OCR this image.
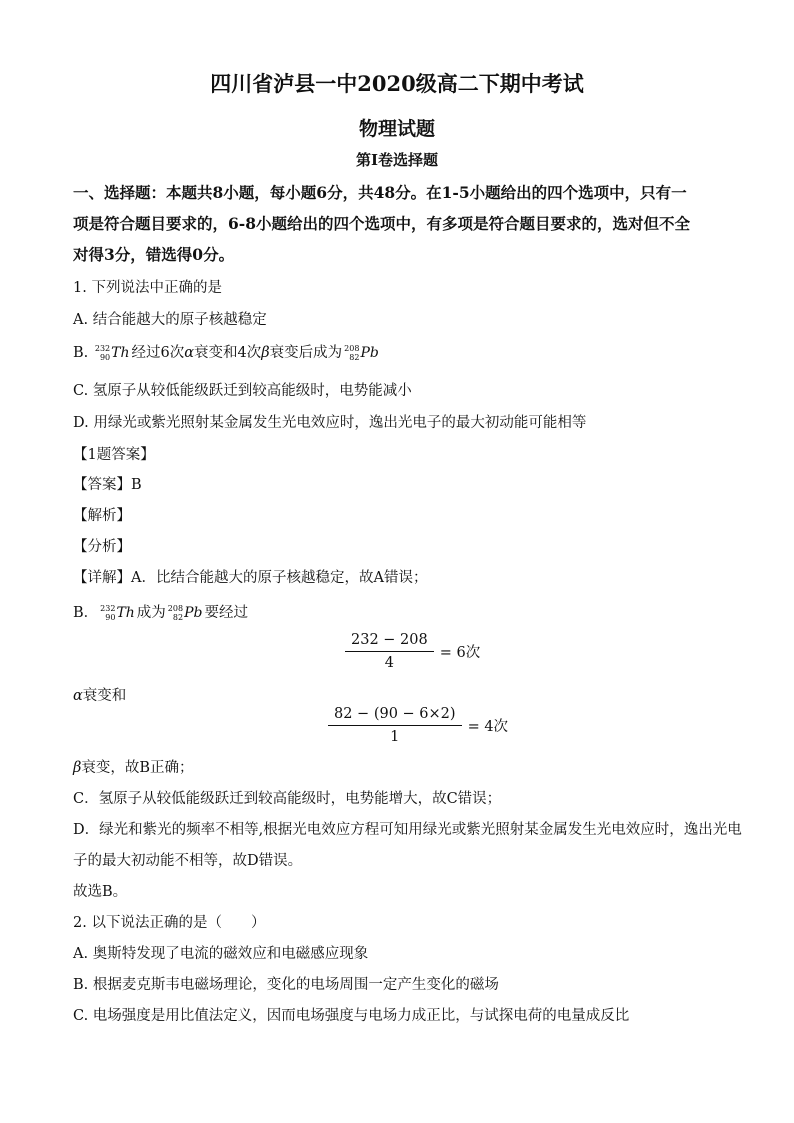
四川省泸县一中2020级高二下期中考试
物理试题
第I卷选择题
一、选择题：本题共8小题，每小题6分，共48分。在1-5小题给出的四个选项中，只有一
项是符合题目要求的，6-8小题给出的四个选项中，有多项是符合题目要求的，选对但不全
对得3分，错选得0分。
1. 下列说法中正确的是
A. 结合能越大的原子核越稳定
B. 232
90 Th 经过6次α衰变和4次β衰变后成为 208
82 Pb
C. 氢原子从较低能级跃迁到较高能级时，电势能减小
D. 用绿光或紫光照射某金属发生光电效应时，逸出光电子的最大初动能可能相等
【1题答案】
【答案】B
【解析】
【分析】
【详解】A．比结合能越大的原子核越稳定，故A错误；
B． 232
90 Th 成为 208
82 Pb 要经过
$\frac{232 - 208}{4} = 6$次
α衰变和
$\frac{82 - (90 - 6\times 2)}{1} = 4$次
β衰变，故B正确；
C．氢原子从较低能级跃迁到较高能级时，电势能增大，故C错误；
D．绿光和紫光的频率不相等,根据光电效应方程可知用绿光或紫光照射某金属发生光电效应时，逸出光电
子的最大初动能不相等，故D错误。
故选B。
2. 以下说法正确的是（　　）
A. 奥斯特发现了电流的磁效应和电磁感应现象
B. 根据麦克斯韦电磁场理论，变化的电场周围一定产生变化的磁场
C. 电场强度是用比值法定义，因而电场强度与电场力成正比，与试探电荷的电量成反比
